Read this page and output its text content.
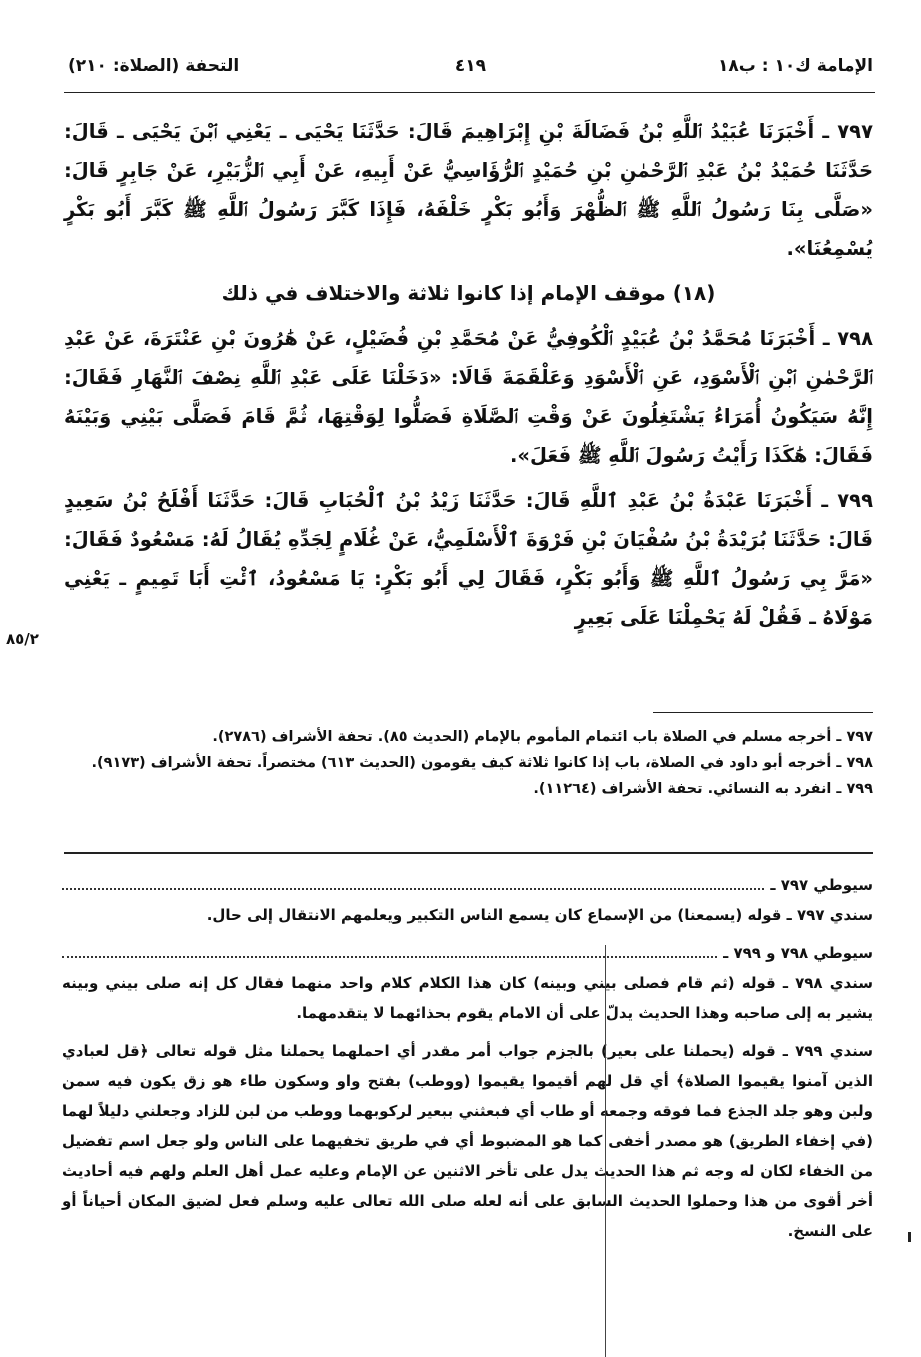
الإمامة ك١٠ : ب١٨
٤١٩
التحفة (الصلاة: ٢١٠)

٧٩٧ ـ أَخْبَرَنَا عُبَيْدُ ٱللَّهِ بْنُ فَضَالَةَ بْنِ إِبْرَاهِيمَ قَالَ: حَدَّثَنَا يَحْيَى ـ يَعْنِي ٱبْنَ يَحْيَى ـ قَالَ: حَدَّثَنَا حُمَيْدُ بْنُ عَبْدِ ٱلرَّحْمٰنِ بْنِ حُمَيْدٍ ٱلرُّؤَاسِيُّ عَنْ أَبِيهِ، عَنْ أَبِي ٱلزُّبَيْرِ، عَنْ جَابِرٍ قَالَ: «صَلَّى بِنَا رَسُولُ ٱللَّهِ ﷺ ٱلظُّهْرَ وَأَبُو بَكْرٍ خَلْفَهُ، فَإِذَا كَبَّرَ رَسُولُ ٱللَّهِ ﷺ كَبَّرَ أَبُو بَكْرٍ يُسْمِعُنَا».

(١٨) موقف الإمام إذا كانوا ثلاثة والاختلاف في ذلك

٧٩٨ ـ أَخْبَرَنَا مُحَمَّدُ بْنُ عُبَيْدٍ ٱلْكُوفِيُّ عَنْ مُحَمَّدِ بْنِ فُضَيْلٍ، عَنْ هَٰرُونَ بْنِ عَنْتَرَةَ، عَنْ عَبْدِ ٱلرَّحْمٰنِ ٱبْنِ ٱلْأَسْوَدِ، عَنِ ٱلْأَسْوَدِ وَعَلْقَمَةَ قَالَا: «دَخَلْنَا عَلَى عَبْدِ ٱللَّهِ نِصْفَ ٱلنَّهَارِ فَقَالَ: إِنَّهُ سَيَكُونُ أُمَرَاءُ يَشْتَغِلُونَ عَنْ وَقْتِ ٱلصَّلَاةِ فَصَلُّوا لِوَقْتِهَا، ثُمَّ قَامَ فَصَلَّى بَيْنِي وَبَيْنَهُ فَقَالَ: هَٰكَذَا رَأَيْتُ رَسُولَ ٱللَّهِ ﷺ فَعَلَ».

٧٩٩ ـ أَخْبَرَنَا عَبْدَةُ بْنُ عَبْدِ ٱللَّهِ قَالَ: حَدَّثَنَا زَيْدُ بْنُ ٱلْحُبَابِ قَالَ: حَدَّثَنَا أَفْلَحُ بْنُ سَعِيدٍ قَالَ: حَدَّثَنَا بُرَيْدَةُ بْنُ سُفْيَانَ بْنِ فَرْوَةَ ٱلْأَسْلَمِيُّ، عَنْ غُلَامٍ لِجَدِّهِ يُقَالُ لَهُ: مَسْعُودٌ فَقَالَ: «مَرَّ بِي رَسُولُ ٱللَّهِ ﷺ وَأَبُو بَكْرٍ، فَقَالَ لِي أَبُو بَكْرٍ: يَا مَسْعُودُ، ٱئْتِ أَبَا تَمِيمٍ ـ يَعْنِي مَوْلَاهُ ـ فَقُلْ لَهُ يَحْمِلْنَا عَلَى بَعِيرٍ

٨٥/٢
٧٩٧ ـ أخرجه مسلم في الصلاة باب ائتمام المأموم بالإمام (الحديث ٨٥). تحفة الأشراف (٢٧٨٦).
٧٩٨ ـ أخرجه أبو داود في الصلاة، باب إذا كانوا ثلاثة كيف يقومون (الحديث ٦١٣) مختصراً. تحفة الأشراف (٩١٧٣).
٧٩٩ ـ انفرد به النسائي. تحفة الأشراف (١١٢٦٤).
سيوطي ٧٩٧ ـ

سندي ٧٩٧ ـ قوله (يسمعنا) من الإسماع كان يسمع الناس التكبير ويعلمهم الانتقال إلى حال.

سيوطي ٧٩٨ و ٧٩٩ ـ

سندي ٧٩٨ ـ قوله (ثم قام فصلى بيني وبينه) كان هذا الكلام كلام واحد منهما فقال كل إنه صلى بيني وبينه يشير به إلى صاحبه وهذا الحديث يدلّ على أن الامام يقوم بحذائهما لا يتقدمهما.

سندي ٧٩٩ ـ قوله (يحملنا على بعير) بالجزم جواب أمر مقدر أي احملهما يحملنا مثل قوله تعالى ﴿قل لعبادي الذين آمنوا يقيموا الصلاة﴾ أي قل لهم أقيموا يقيموا (ووطب) بفتح واو وسكون طاء هو زق يكون فيه سمن ولبن وهو جلد الجذع فما فوقه وجمعه أو طاب أي فبعثني ببعير لركوبهما ووطب من لبن للزاد وجعلني دليلاً لهما (في إخفاء الطريق) هو مصدر أخفى كما هو المضبوط أي في طريق تخفيهما على الناس ولو جعل اسم تفضيل من الخفاء لكان له وجه ثم هذا الحديث يدل على تأخر الاثنين عن الإمام وعليه عمل أهل العلم ولهم فيه أحاديث أخر أقوى من هذا وحملوا الحديث السابق على أنه لعله صلى الله تعالى عليه وسلم فعل لضيق المكان أحياناً أو على النسخ.
